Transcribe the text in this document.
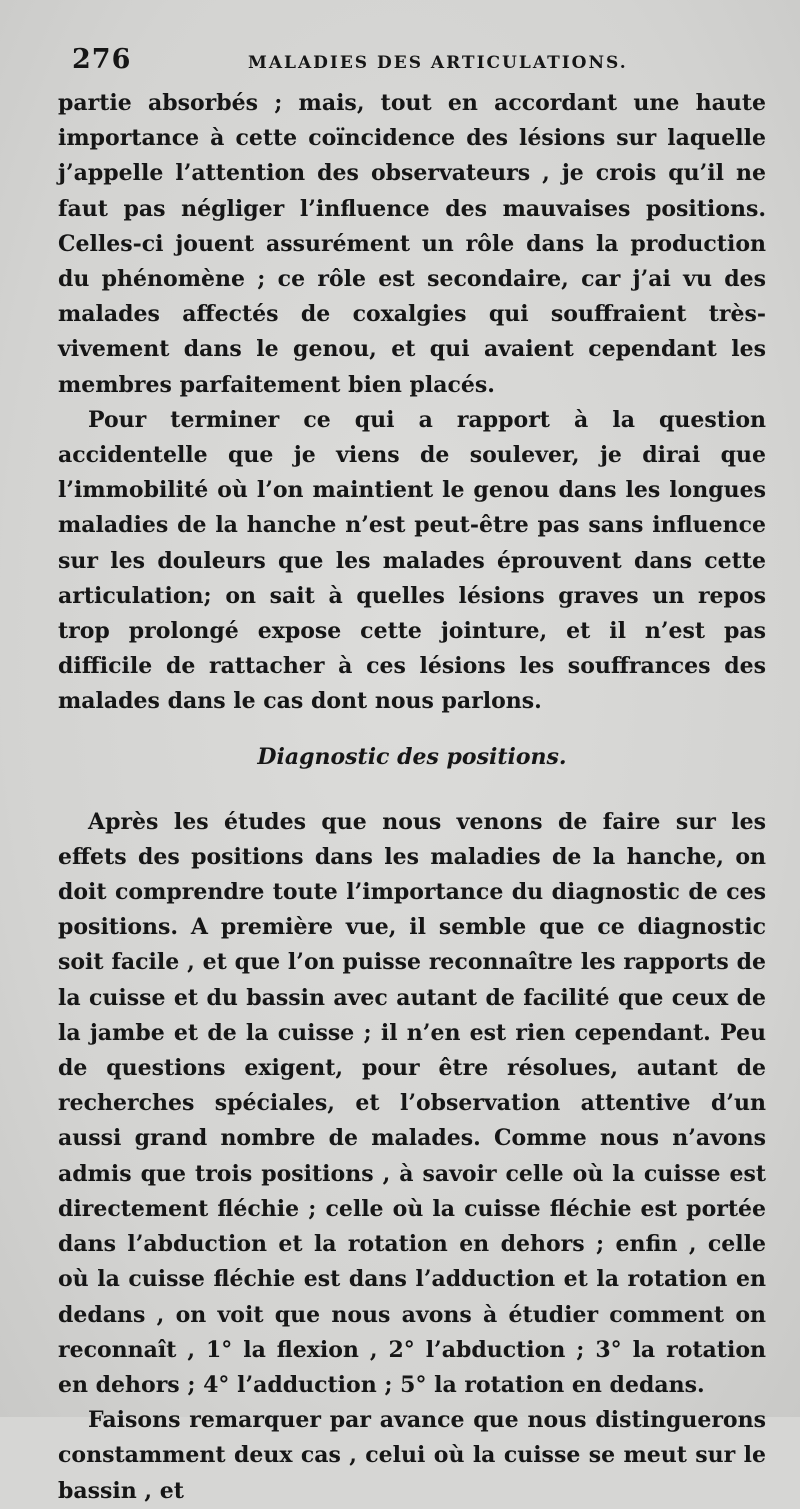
276	MALADIES DES ARTICULATIONS.

partie absorbés ; mais, tout en accordant une haute importance à cette coïncidence des lésions sur laquelle j’appelle l’attention des observateurs , je crois qu’il ne faut pas négliger l’influence des mauvaises positions. Celles-ci jouent assurément un rôle dans la production du phénomène ; ce rôle est secondaire, car j’ai vu des malades affectés de coxalgies qui souffraient très-vivement dans le genou, et qui avaient cependant les membres parfaitement bien placés.

Pour terminer ce qui a rapport à la question accidentelle que je viens de soulever, je dirai que l’immobilité où l’on maintient le genou dans les longues maladies de la hanche n’est peut-être pas sans influence sur les douleurs que les malades éprouvent dans cette articulation; on sait à quelles lésions graves un repos trop prolongé expose cette jointure, et il n’est pas difficile de rattacher à ces lésions les souffrances des malades dans le cas dont nous parlons.

Diagnostic des positions.

Après les études que nous venons de faire sur les effets des positions dans les maladies de la hanche, on doit comprendre toute l’importance du diagnostic de ces positions. A première vue, il semble que ce diagnostic soit facile , et que l’on puisse reconnaître les rapports de la cuisse et du bassin avec autant de facilité que ceux de la jambe et de la cuisse ; il n’en est rien cependant. Peu de questions exigent, pour être résolues, autant de recherches spéciales, et l’observation attentive d’un aussi grand nombre de malades. Comme nous n’avons admis que trois positions , à savoir celle où la cuisse est directement fléchie ; celle où la cuisse fléchie est portée dans l’abduction et la rotation en dehors ; enfin , celle où la cuisse fléchie est dans l’adduction et la rotation en dedans , on voit que nous avons à étudier comment on reconnaît , 1° la flexion , 2° l’abduction ; 3° la rotation en dehors ; 4° l’adduction ; 5° la rotation en dedans.

Faisons remarquer par avance que nous distinguerons constamment deux cas , celui où la cuisse se meut sur le bassin , et
